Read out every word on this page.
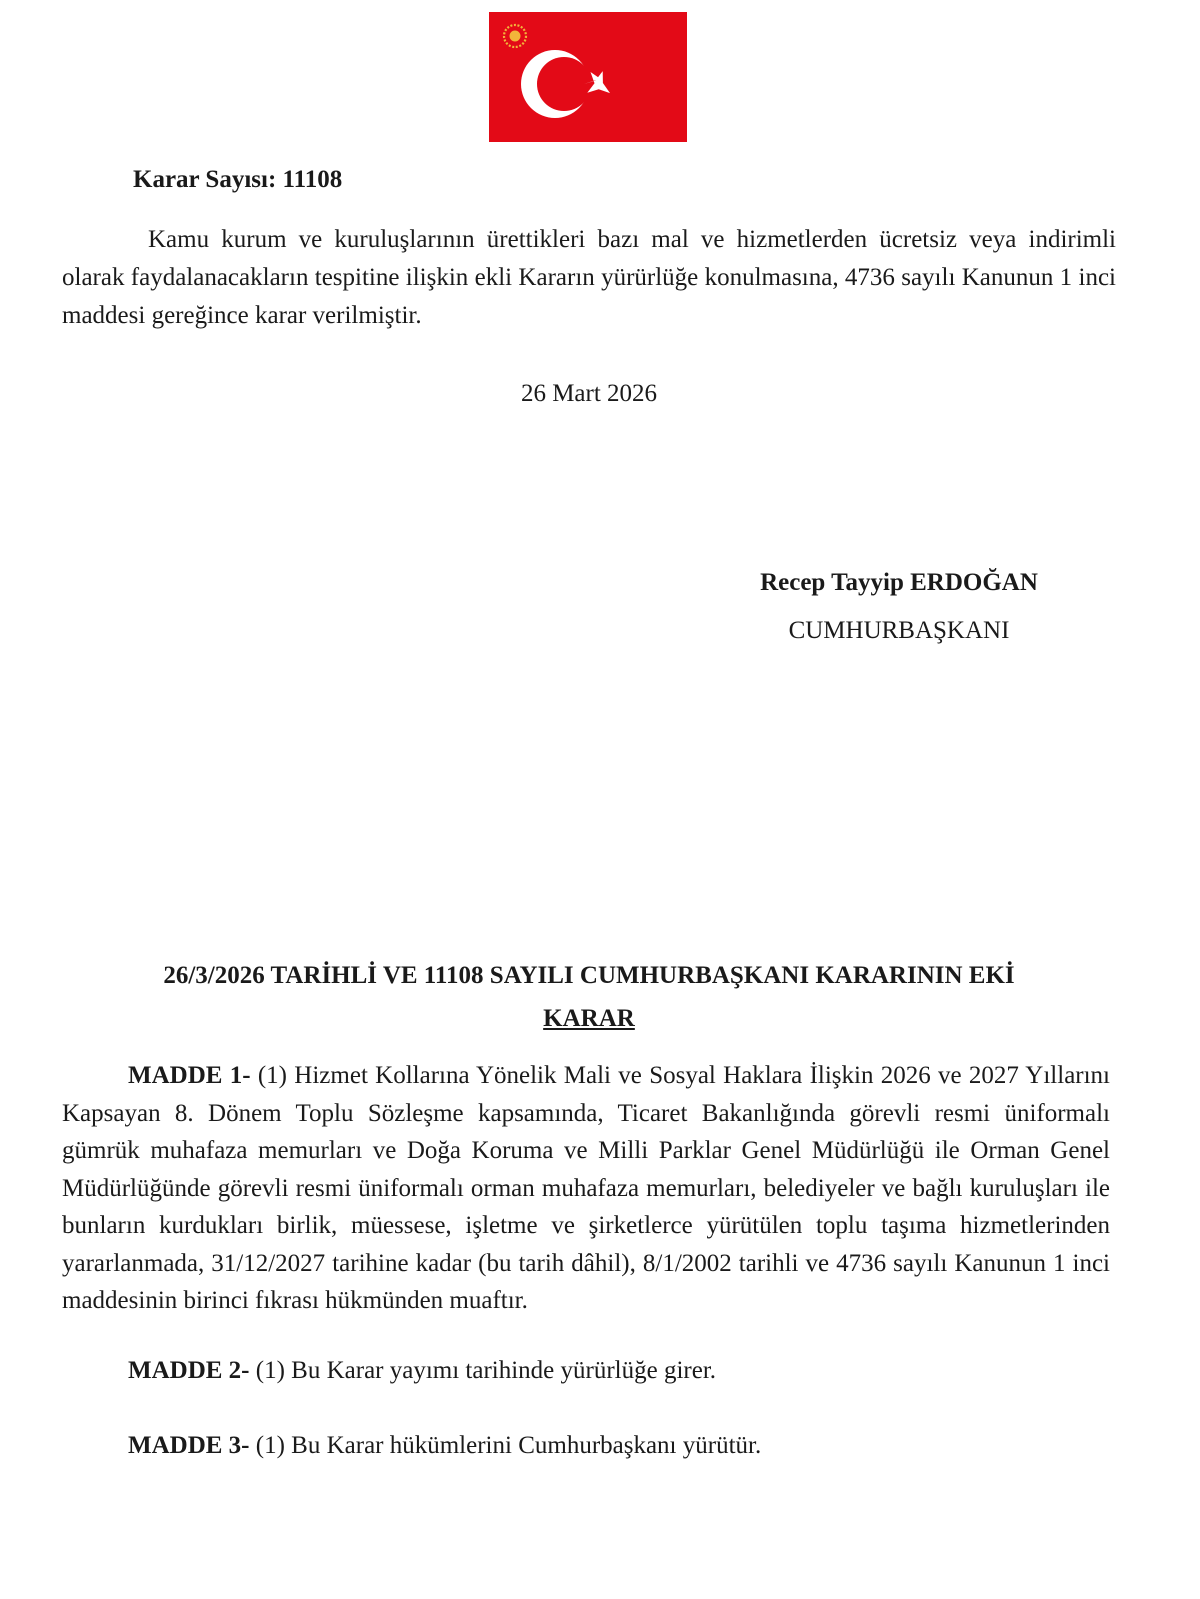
Karar Sayısı: 11108

Kamu kurum ve kuruluşlarının ürettikleri bazı mal ve hizmetlerden ücretsiz veya indirimli olarak faydalanacakların tespitine ilişkin ekli Kararın yürürlüğe konulmasına, 4736 sayılı Kanunun 1 inci maddesi gereğince karar verilmiştir.

26 Mart 2026

Recep Tayyip ERDOĞAN

CUMHURBAŞKANI

26/3/2026 TARİHLİ VE 11108 SAYILI CUMHURBAŞKANI KARARININ EKİ

KARAR

MADDE 1- (1) Hizmet Kollarına Yönelik Mali ve Sosyal Haklara İlişkin 2026 ve 2027 Yıllarını Kapsayan 8. Dönem Toplu Sözleşme kapsamında, Ticaret Bakanlığında görevli resmi üniformalı gümrük muhafaza memurları ve Doğa Koruma ve Milli Parklar Genel Müdürlüğü ile Orman Genel Müdürlüğünde görevli resmi üniformalı orman muhafaza memurları, belediyeler ve bağlı kuruluşları ile bunların kurdukları birlik, müessese, işletme ve şirketlerce yürütülen toplu taşıma hizmetlerinden yararlanmada, 31/12/2027 tarihine kadar (bu tarih dâhil), 8/1/2002 tarihli ve 4736 sayılı Kanunun 1 inci maddesinin birinci fıkrası hükmünden muaftır.

MADDE 2- (1) Bu Karar yayımı tarihinde yürürlüğe girer.

MADDE 3- (1) Bu Karar hükümlerini Cumhurbaşkanı yürütür.
